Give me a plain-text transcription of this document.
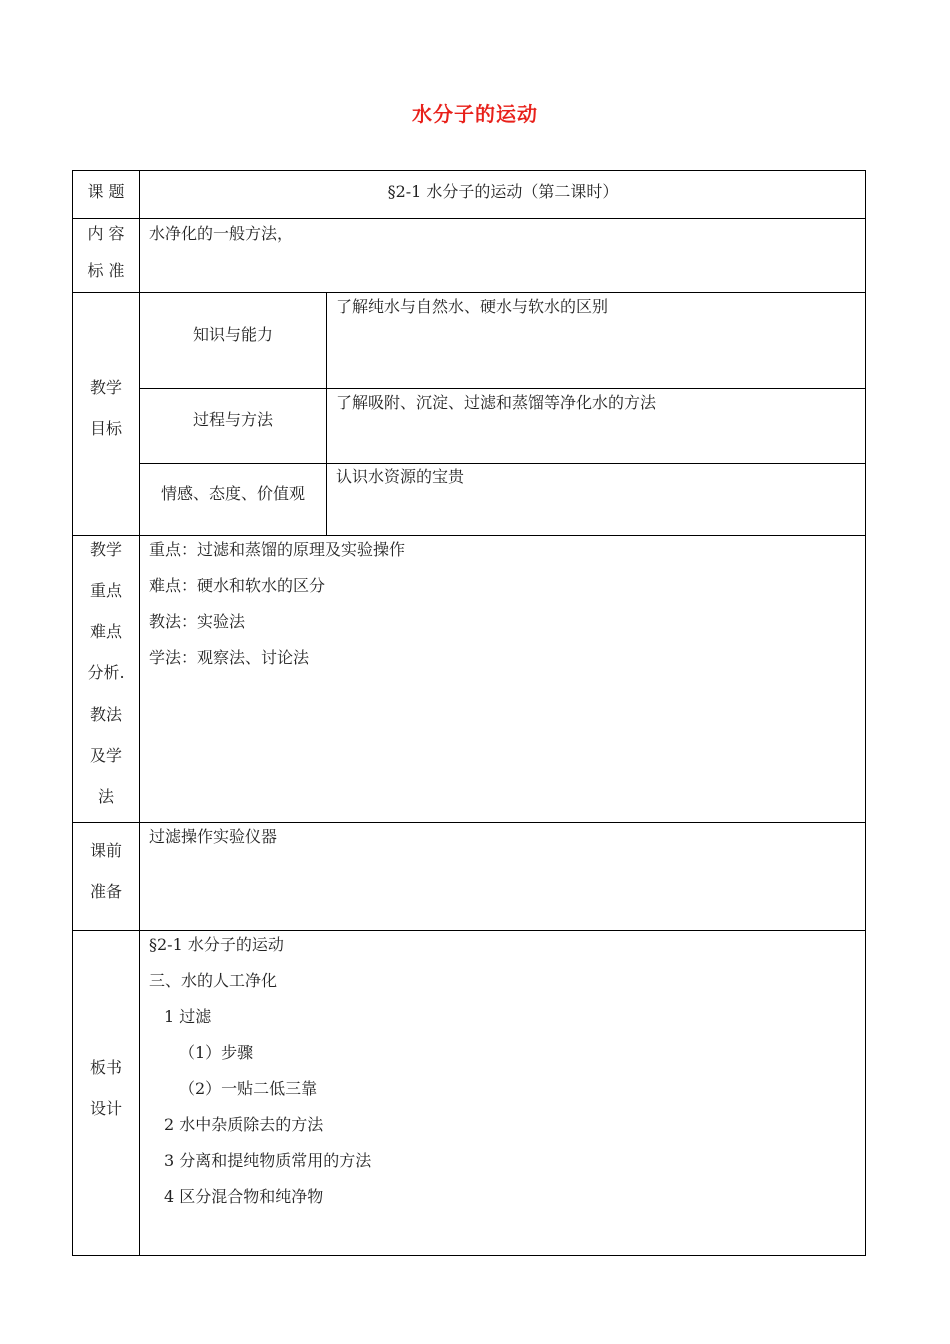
水分子的运动
课 题	§2-1 水分子的运动（第二课时）
内 容
标 准
水净化的一般方法，
教学
目标
知识与能力
了解纯水与自然水、硬水与软水的区别
过程与方法
了解吸附、沉淀、过滤和蒸馏等净化水的方法
情感、态度、价值观
认识水资源的宝贵
教学
重点
难点
分析.
教法
及学
法
重点：过滤和蒸馏的原理及实验操作
难点：硬水和软水的区分
教法：实验法
学法：观察法、讨论法
课前
准备
过滤操作实验仪器
板书
设计
§2-1 水分子的运动
三、水的人工净化
1 过滤
（1）步骤
（2）一贴二低三靠
2 水中杂质除去的方法
3 分离和提纯物质常用的方法
4 区分混合物和纯净物
